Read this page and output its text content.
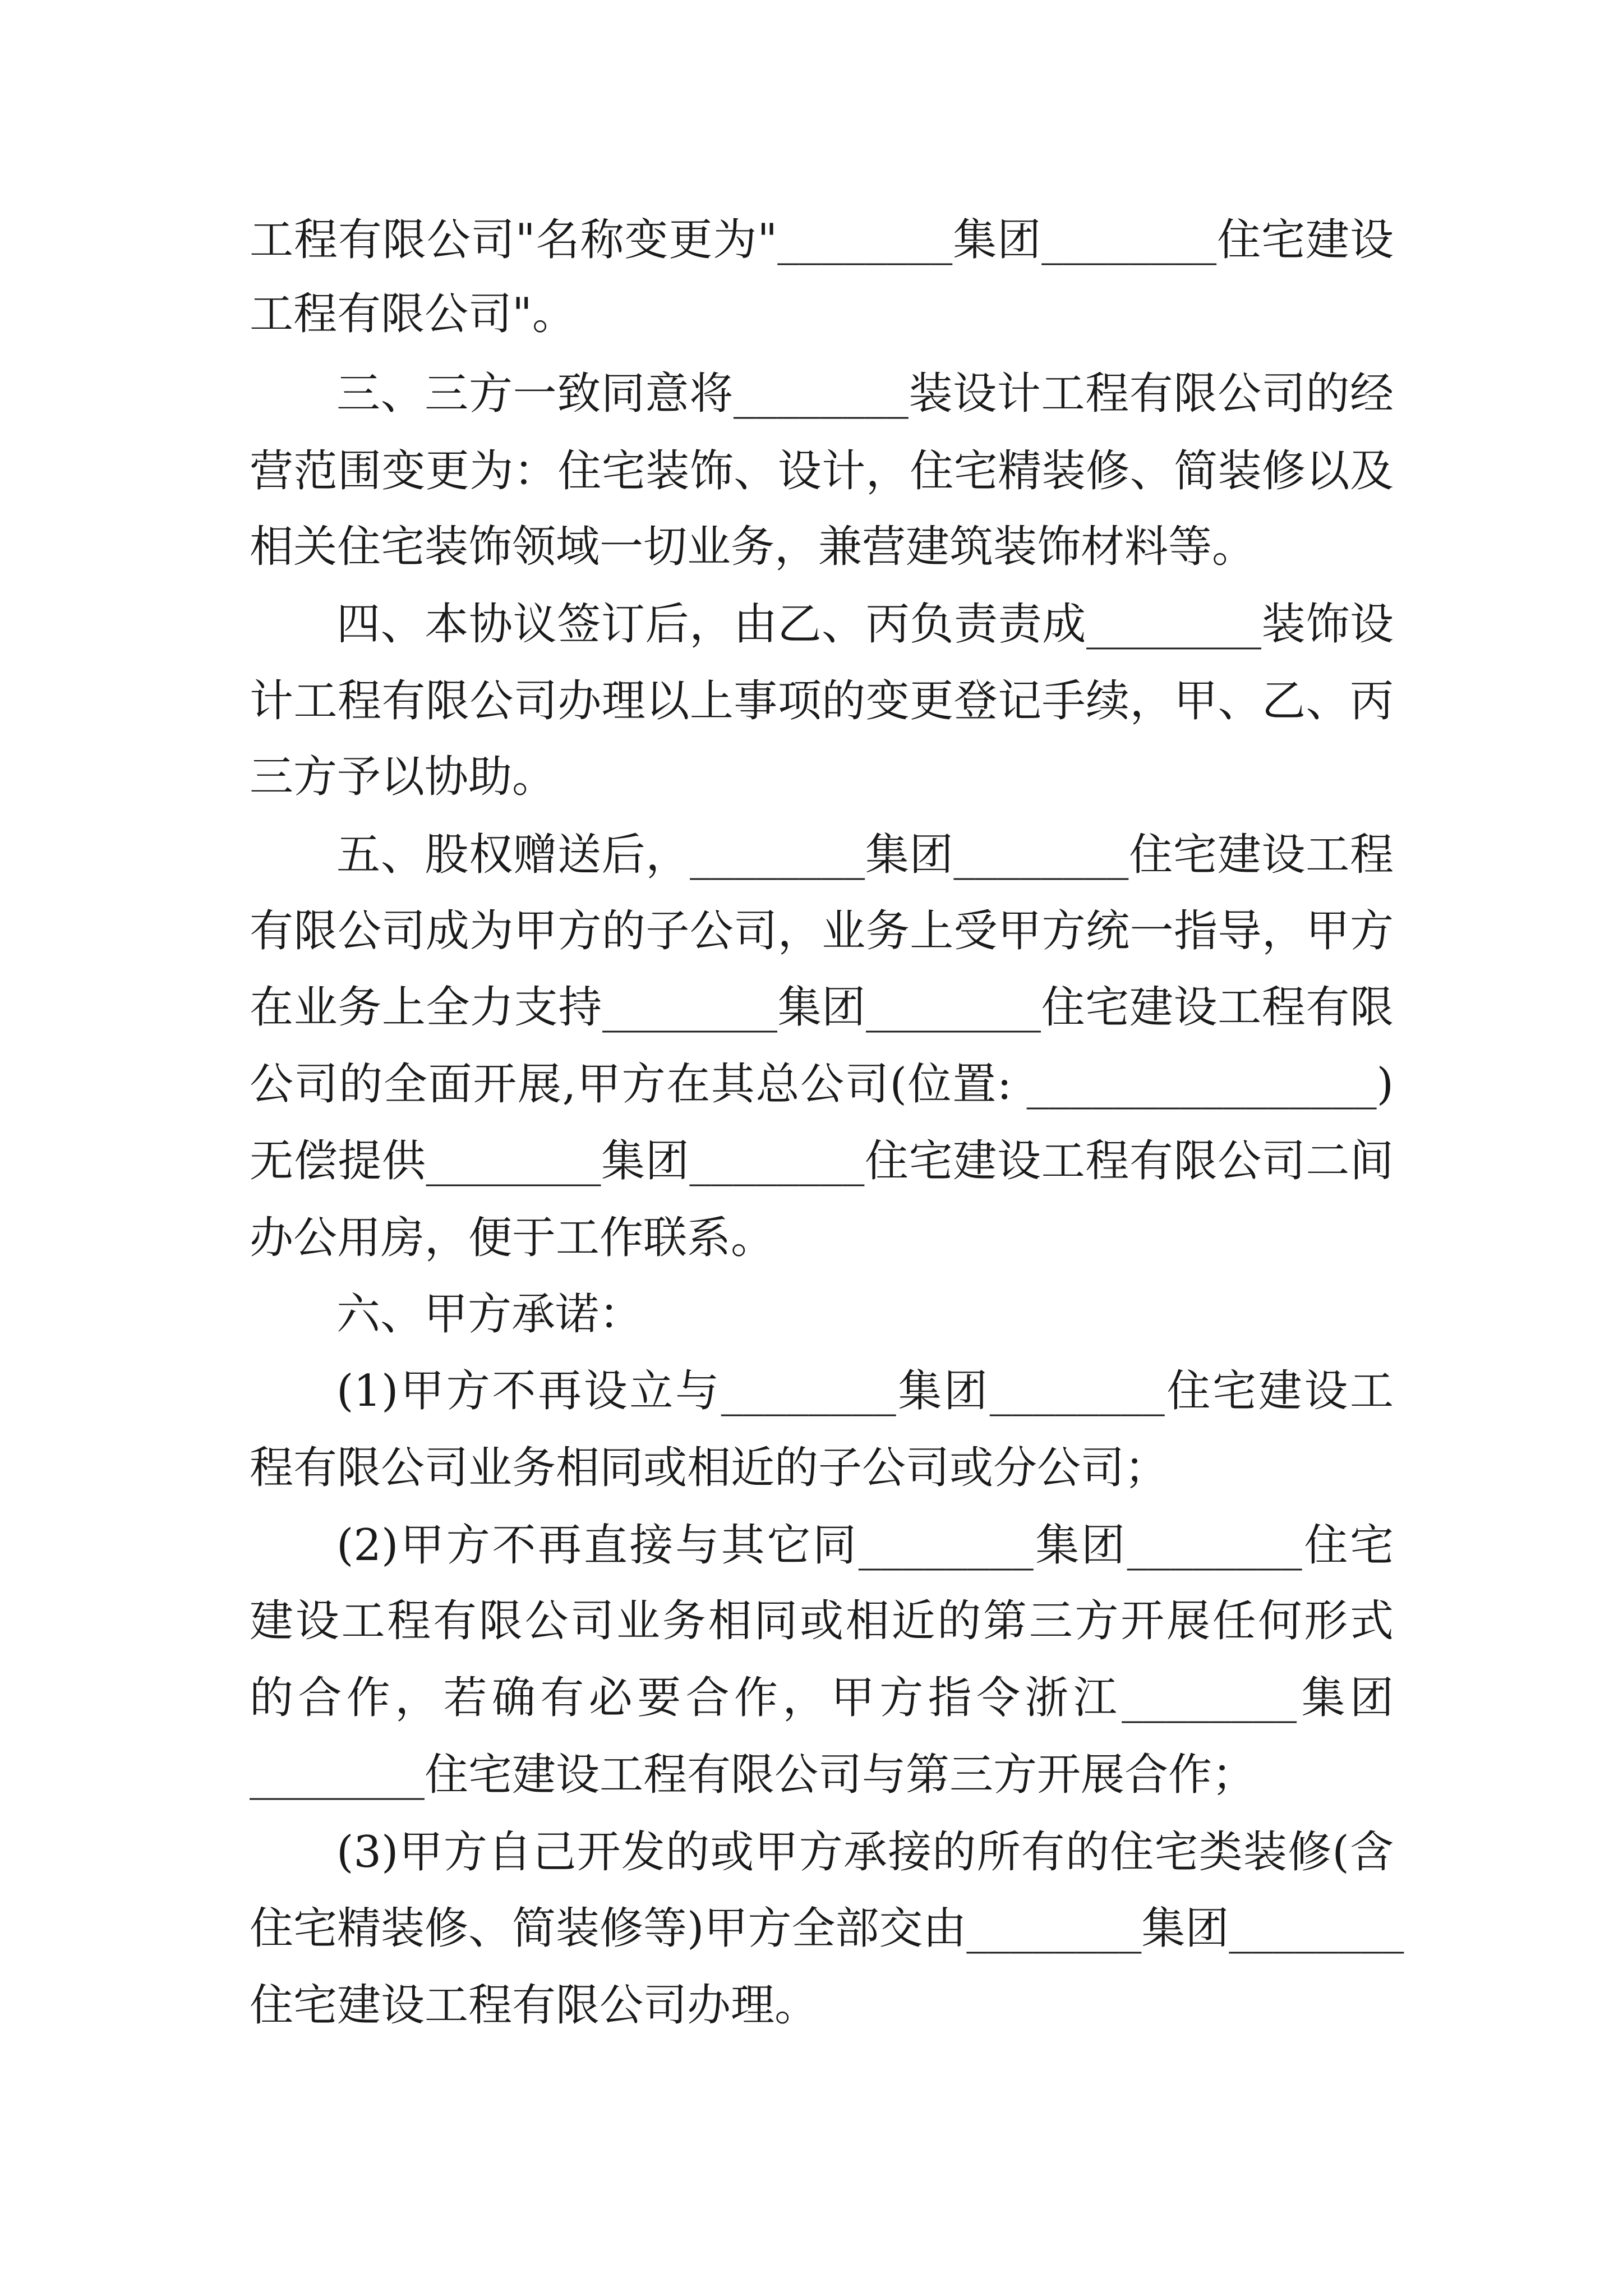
工程有限公司"名称变更为"________集团________住宅建设
工程有限公司"。
三、三方一致同意将________装设计工程有限公司的经
营范围变更为：住宅装饰、设计，住宅精装修、简装修以及
相关住宅装饰领域一切业务，兼营建筑装饰材料等。
四、本协议签订后，由乙、丙负责责成________装饰设
计工程有限公司办理以上事项的变更登记手续，甲、乙、丙
三方予以协助。
五、股权赠送后，________集团________住宅建设工程
有限公司成为甲方的子公司，业务上受甲方统一指导，甲方
在业务上全力支持________集团________住宅建设工程有限
公司的全面开展,甲方在其总公司(位置: ________________)
无偿提供________集团________住宅建设工程有限公司二间
办公用房，便于工作联系。
六、甲方承诺：
(1)甲方不再设立与________集团________住宅建设工
程有限公司业务相同或相近的子公司或分公司；
(2)甲方不再直接与其它同________集团________住宅
建设工程有限公司业务相同或相近的第三方开展任何形式
的合作，若确有必要合作，甲方指令浙江________集团
________住宅建设工程有限公司与第三方开展合作；
(3)甲方自己开发的或甲方承接的所有的住宅类装修(含
住宅精装修、简装修等)甲方全部交由________集团________
住宅建设工程有限公司办理。
